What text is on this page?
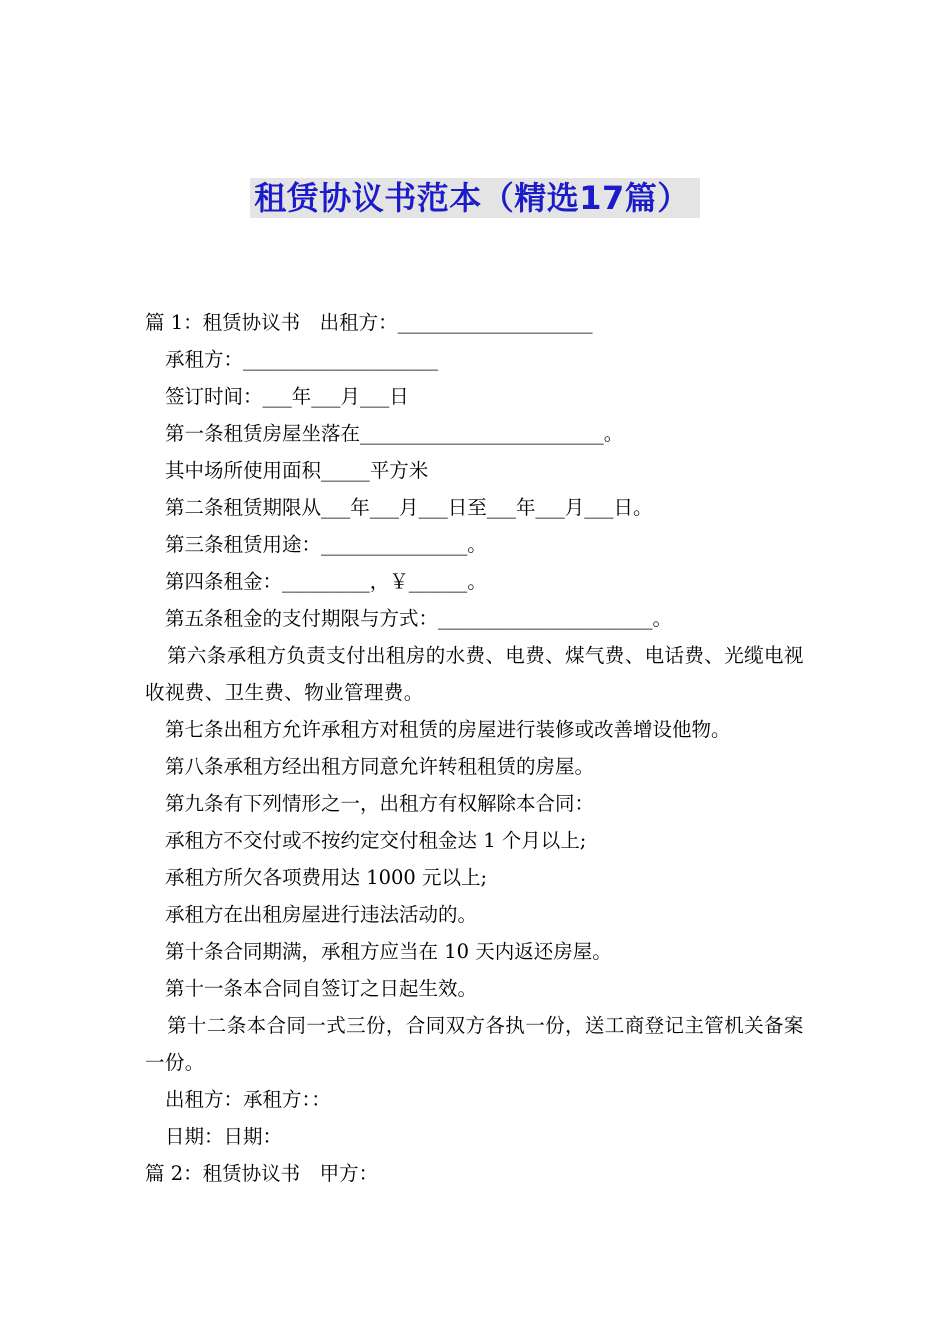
租赁协议书范本（精选17篇）

篇 1：租赁协议书　出租方：____________________

承租方：____________________

签订时间：___年___月___日

第一条租赁房屋坐落在_________________________。

其中场所使用面积_____平方米

第二条租赁期限从___年___月___日至___年___月___日。

第三条租赁用途：_______________。

第四条租金：_________，￥______。

第五条租金的支付期限与方式：______________________。

第六条承租方负责支付出租房的水费、电费、煤气费、电话费、光缆电视收视费、卫生费、物业管理费。

第七条出租方允许承租方对租赁的房屋进行装修或改善增设他物。

第八条承租方经出租方同意允许转租租赁的房屋。

第九条有下列情形之一，出租方有权解除本合同：

承租方不交付或不按约定交付租金达 1 个月以上;

承租方所欠各项费用达 1000 元以上;

承租方在出租房屋进行违法活动的。

第十条合同期满，承租方应当在 10 天内返还房屋。

第十一条本合同自签订之日起生效。

第十二条本合同一式三份，合同双方各执一份，送工商登记主管机关备案一份。

出租方：承租方：：

日期：日期：

篇 2：租赁协议书　甲方：
